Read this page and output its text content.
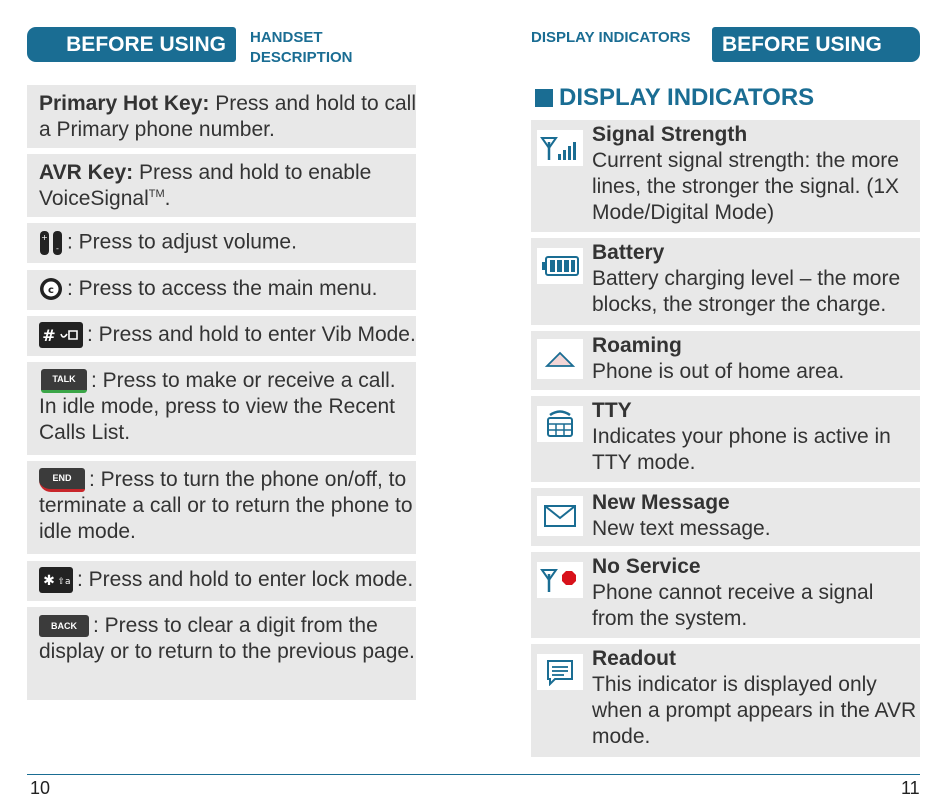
BEFORE USING HANDSET
DESCRIPTION
Primary Hot Key: Press and hold to call a Primary phone number.
AVR Key: Press and hold to enable VoiceSignal™.
+
- : Press to adjust volume.
c : Press to access the main menu.
# : Press and hold to enter Vib Mode.
TALK : Press to make or receive a call. In idle mode, press to view the Recent Calls List.
END : Press to turn the phone on/off, to terminate a call or to return the phone to idle mode.
✱ ⇧a : Press and hold to enter lock mode.
BACK : Press to clear a digit from the display or to return to the previous page.
DISPLAY INDICATORS BEFORE USING
DISPLAY INDICATORS
Signal Strength
Current signal strength: the more lines, the stronger the signal. (1X Mode/Digital Mode)
Battery
Battery charging level – the more blocks, the stronger the charge.
Roaming
Phone is out of home area.
TTY
Indicates your phone is active in TTY mode.
New Message
New text message.
No Service
Phone cannot receive a signal from the system.
Readout
This indicator is displayed only when a prompt appears in the AVR mode.
10	11
